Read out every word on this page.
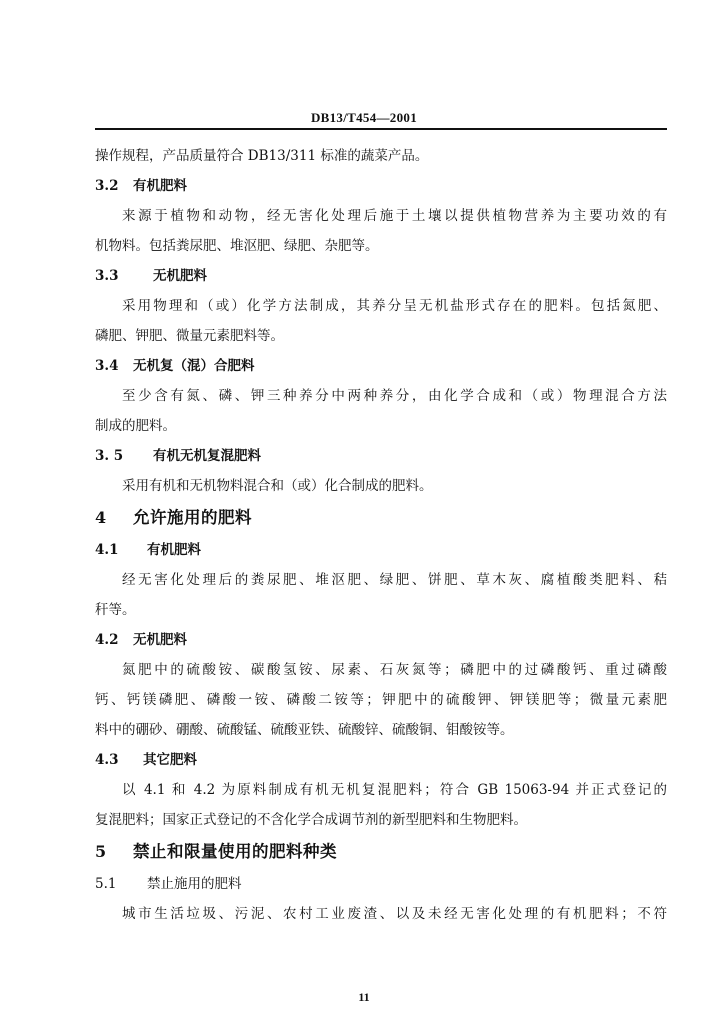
DB13/T454—2001
操作规程，产品质量符合 DB13/311 标准的蔬菜产品。
3.2 有机肥料
来源于植物和动物，经无害化处理后施于土壤以提供植物营养为主要功效的有
机物料。包括粪尿肥、堆沤肥、绿肥、杂肥等。
3.3	无机肥料
采用物理和（或）化学方法制成，其养分呈无机盐形式存在的肥料。包括氮肥、
磷肥、钾肥、微量元素肥料等。
3.4 无机复（混）合肥料
至少含有氮、磷、钾三种养分中两种养分，由化学合成和（或）物理混合方法
制成的肥料。
3. 5 有机无机复混肥料
采用有机和无机物料混合和（或）化合制成的肥料。
4 允许施用的肥料
4.1 有机肥料
经无害化处理后的粪尿肥、堆沤肥、绿肥、饼肥、草木灰、腐植酸类肥料、秸
秆等。
4.2 无机肥料
氮肥中的硫酸铵、碳酸氢铵、尿素、石灰氮等；磷肥中的过磷酸钙、重过磷酸
钙、钙镁磷肥、磷酸一铵、磷酸二铵等；钾肥中的硫酸钾、钾镁肥等；微量元素肥
料中的硼砂、硼酸、硫酸锰、硫酸亚铁、硫酸锌、硫酸铜、钼酸铵等。
4.3 其它肥料
以 4.1 和 4.2 为原料制成有机无机复混肥料；符合 GB 15063-94 并正式登记的
复混肥料；国家正式登记的不含化学合成调节剂的新型肥料和生物肥料。
5 禁止和限量使用的肥料种类
5.1 禁止施用的肥料
城市生活垃圾、污泥、农村工业废渣、以及未经无害化处理的有机肥料；不符
11
